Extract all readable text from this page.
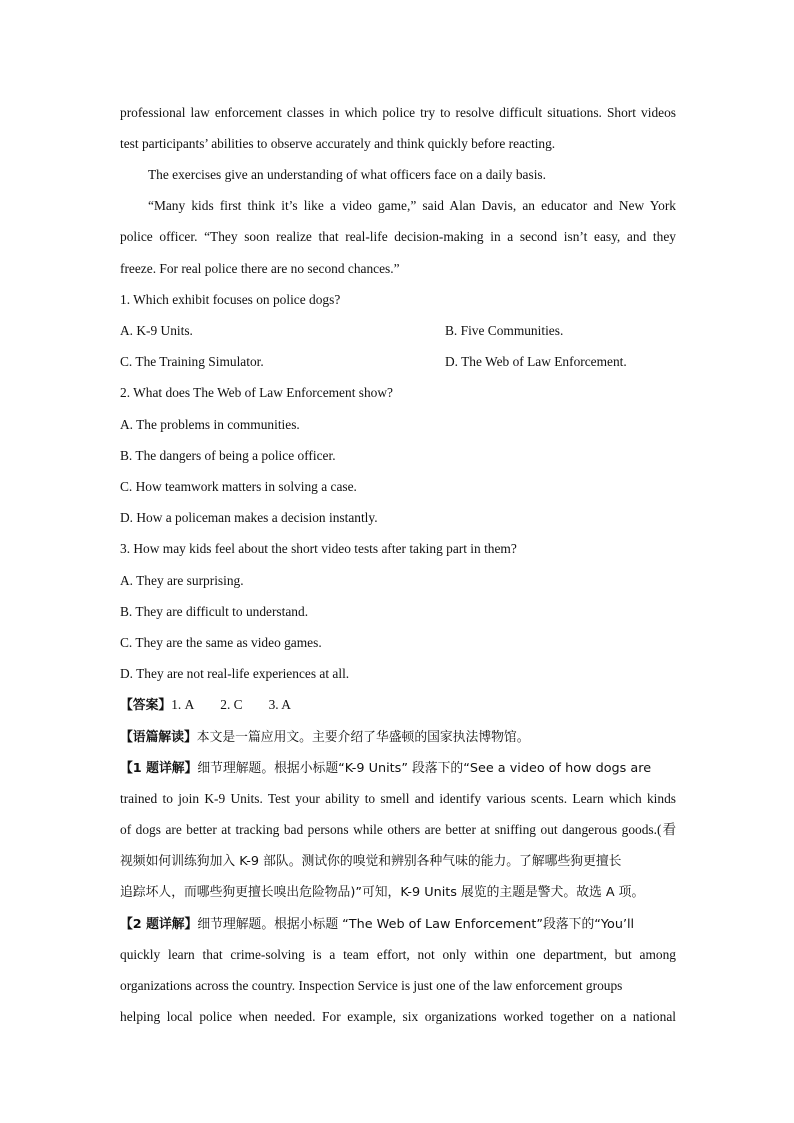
professional law enforcement classes in which police try to resolve difficult situations. Short videos
test participants’ abilities to observe accurately and think quickly before reacting.
The exercises give an understanding of what officers face on a daily basis.
“Many kids first think it’s like a video game,” said Alan Davis, an educator and New York
police officer. “They soon realize that real-life decision-making in a second isn’t easy, and they
freeze. For real police there are no second chances.”
1. Which exhibit focuses on police dogs?
A. K-9 Units.	B. Five Communities.
C. The Training Simulator.	D. The Web of Law Enforcement.
2. What does The Web of Law Enforcement show?
A. The problems in communities.
B. The dangers of being a police officer.
C. How teamwork matters in solving a case.
D. How a policeman makes a decision instantly.
3. How may kids feel about the short video tests after taking part in them?
A. They are surprising.
B. They are difficult to understand.
C. They are the same as video games.
D. They are not real-life experiences at all.
【答案】1. A 2. C 3. A
【语篇解读】本文是一篇应用文。主要介绍了华盛顿的国家执法博物馆。
【1 题详解】细节理解题。根据小标题“K-9 Units” 段落下的“See a video of how dogs are
trained to join K-9 Units. Test your ability to smell and identify various scents. Learn which kinds
of dogs are better at tracking bad persons while others are better at sniffing out dangerous goods.(看
视频如何训练狗加入 K-9 部队。测试你的嗅觉和辨别各种气味的能力。了解哪些狗更擅长
追踪坏人，而哪些狗更擅长嗅出危险物品)”可知，K-9 Units 展览的主题是警犬。故选 A 项。
【2 题详解】细节理解题。根据小标题 “The Web of Law Enforcement”段落下的“You’ll
quickly learn that crime-solving is a team effort, not only within one department, but among
organizations across the country. Inspection Service is just one of the law enforcement groups
helping local police when needed. For example, six organizations worked together on a national
